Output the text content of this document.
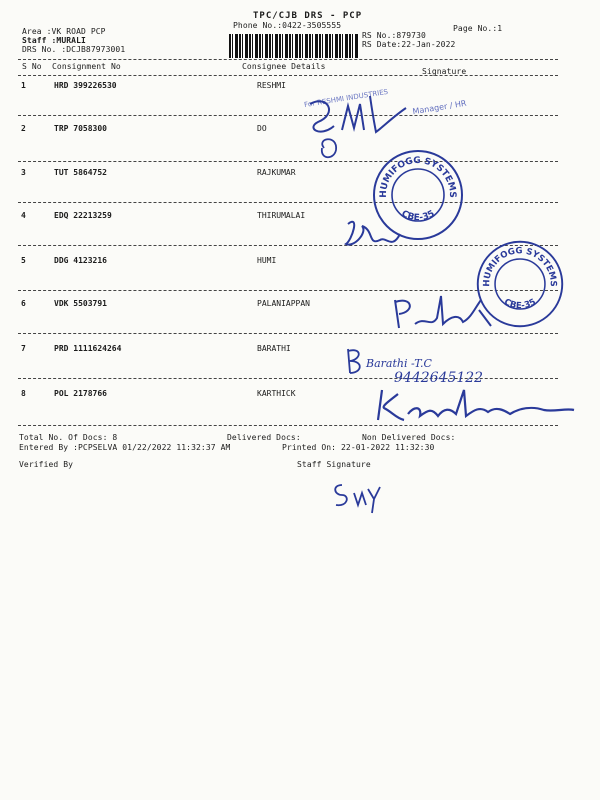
TPC/CJB DRS - PCP
Phone No.:0422-3505555	Page No.:1
Area :VK ROAD PCP
Staff :MURALI
DRS No. :DCJB87973001
RS No.:879730
RS Date:22-Jan-2022
S No Consignment No	Consignee Details
Signature
1	HRD 399226530	RESHMI
2	TRP 7058300	DO
3	TUT 5864752	RAJKUMAR
4	EDQ 22213259	THIRUMALAI
5	DDG 4123216	HUMI
6	VDK 5503791	PALANIAPPAN
7	PRD 1111624264	BARATHI
8	POL 2178766	KARTHICK
Total No. Of Docs: 8	Delivered Docs:	Non Delivered Docs:
Entered By :PCPSELVA 01/22/2022 11:32:37 AM	Printed On: 22-01-2022 11:32:30
Verified By	Staff Signature
For RESHMI INDUSTRIES	Manager / HR
HUMIFOGG SYSTEMS
CBE-35
HUMIFOGG SYSTEMS
CBE-35
Barathi -T.C
9442645122
